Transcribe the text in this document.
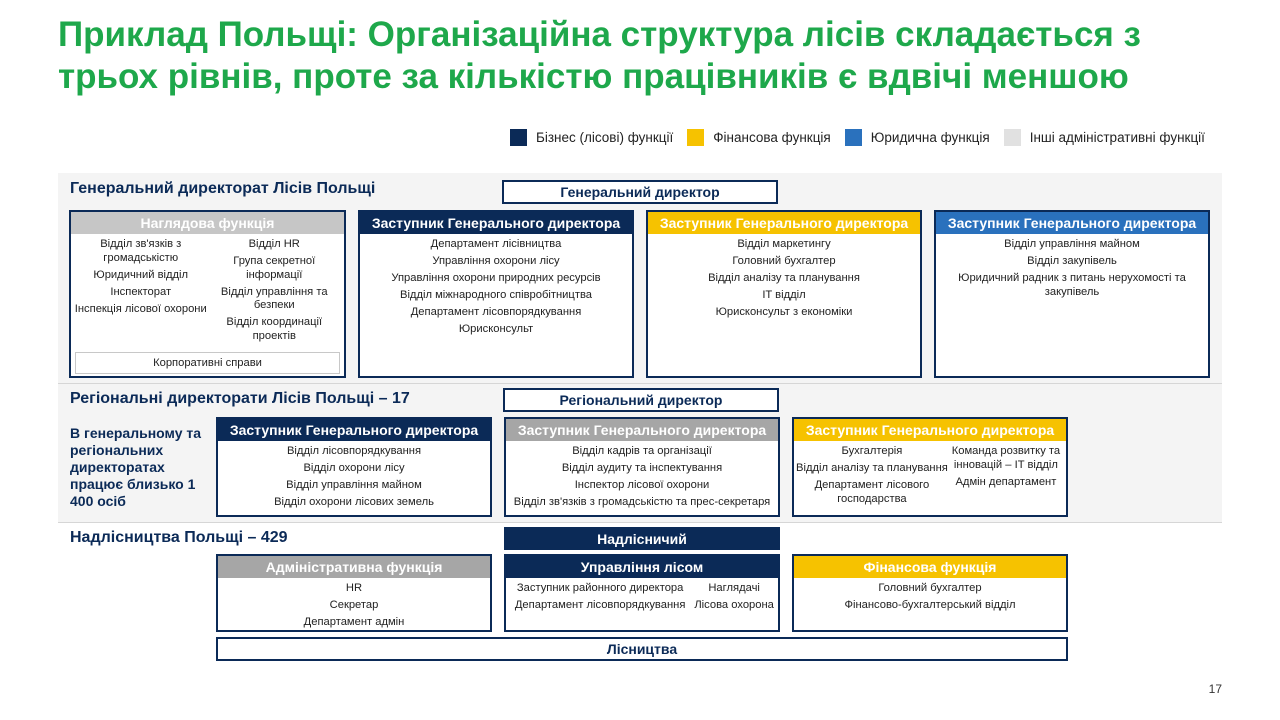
Приклад Польщі: Організаційна структура лісів складається з трьох рівнів, проте за кількістю працівників є вдвічі меншою
Бізнес (лісові) функції	Фінансова функція	Юридична функція	Інші адміністративні функції
Генеральний директорат Лісів Польщі	Генеральний директор
Наглядова функція
Відділ зв'язків з громадськістю
Юридичний відділ
Інспекторат
Інспекція лісової охорони
Відділ HR
Група секретної інформації
Відділ управління та безпеки
Відділ координації проектів
Корпоративні справи
Заступник Генерального директора
Департамент лісівництва
Управління охорони лісу
Управління охорони природних ресурсів
Відділ міжнародного співробітництва
Департамент лісовпорядкування
Юрисконсульт
Заступник Генерального директора
Відділ маркетингу
Головний бухгалтер
Відділ аналізу та планування
IT відділ
Юрисконсульт з економіки
Заступник Генерального директора
Відділ управління майном
Відділ закупівель
Юридичний радник з питань нерухомості та закупівель
Регіональні директорати Лісів Польщі – 17	Регіональний директор
В генеральному та регіональних директоратах працює близько 1 400 осіб
Заступник Генерального директора
Відділ лісовпорядкування
Відділ охорони лісу
Відділ управління майном
Відділ охорони лісових земель
Заступник Генерального директора
Відділ кадрів та організації
Відділ аудиту та інспектування
Інспектор лісової охорони
Відділ зв'язків з громадськістю та прес-секретаря
Заступник Генерального директора
Бухгалтерія
Відділ аналізу та планування
Департамент лісового господарства
Команда розвитку та інновацій – IT відділ
Адмін департамент
Надлісництва Польщі – 429	Надлісничий
Адміністративна функція
HR
Секретар
Департамент адмін
Управління лісом
Заступник районного директора
Департамент лісовпорядкування
Наглядачі
Лісова охорона
Фінансова функція
Головний бухгалтер
Фінансово-бухгалтерський відділ
Лісництва
17
